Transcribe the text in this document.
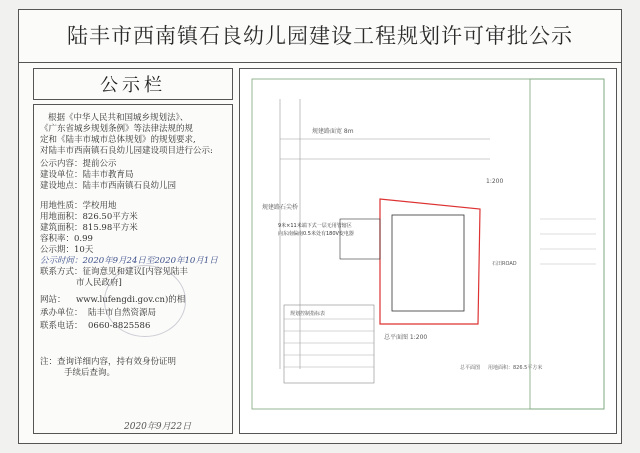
陆丰市西南镇石良幼儿园建设工程规划许可审批公示
公示栏
根据《中华人民共和国城乡规划法》、
《广东省城乡规划条例》等法律法规的规
定和《陆丰市城市总体规划》的规划要求,
对陆丰市西南镇石良幼儿园建设项目进行公示:
公示内容：提前公示
建设单位：陆丰市教育局
建设地点：陆丰市西南镇石良幼儿园
用地性质：学校用地
用地面积：826.50平方米
建筑面积：815.98平方米
容积率：0.99
公示期：10天
公示时间：2020年9月24日至2020年10月1日
联系方式：征询意见和建议[内容见陆丰
市人民政府]
网站： www.lufengdi.gov.cn)的相
承办单位： 陆丰市自然资源局
联系电话： 0660-8825586
注：查询详细内容，持有效身份证明
手续后查询。
2020年9月22日
规建路面宽 8m
规建路石尖桥
9米×11米端下式一层无用管辖区
向东南偏南0.5米处有180V变电器
石田ROAD
1:200
规划控制指标表
总平面图 1:200
总平面图 用地面积：826.5平方米
